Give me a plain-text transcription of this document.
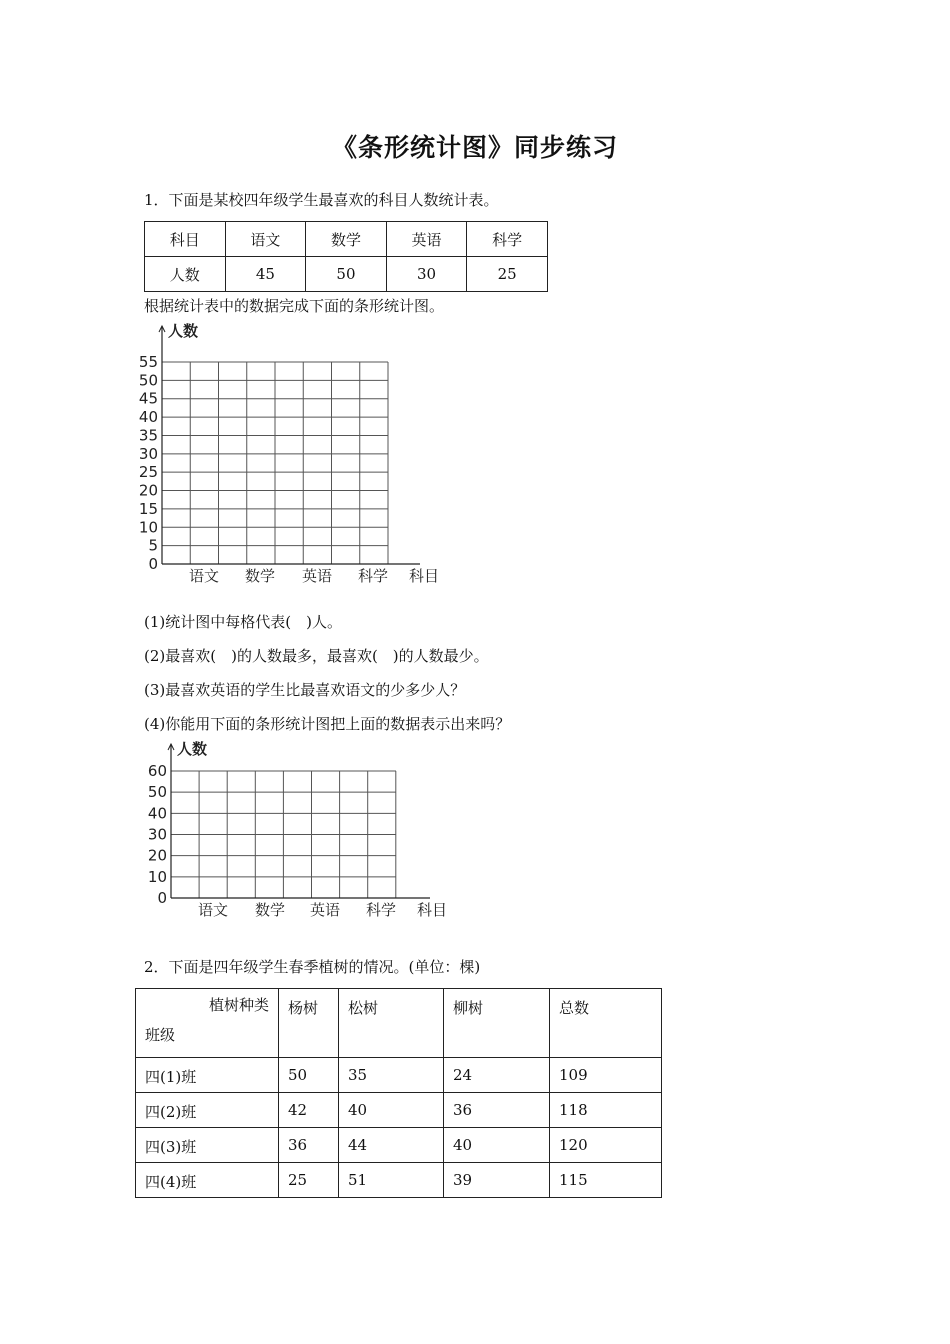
《条形统计图》同步练习
1．下面是某校四年级学生最喜欢的科目人数统计表。
科目	语文	数学	英语	科学
人数	45	50	30	25
根据统计表中的数据完成下面的条形统计图。
0
5
10
15
20
25
30
35
40
45
50
55
人数
语文 数学 英语 科学 科目
(1)统计图中每格代表(　)人。
(2)最喜欢(　)的人数最多，最喜欢(　)的人数最少。
(3)最喜欢英语的学生比最喜欢语文的少多少人？
(4)你能用下面的条形统计图把上面的数据表示出来吗？
0
10
20
30
40
50
60
人数
语文 数学 英语 科学 科目
2．下面是四年级学生春季植树的情况。(单位：棵)
植树种类
班级	杨树	松树	柳树	总数
四(1)班	50	35	24	109
四(2)班	42	40	36	118
四(3)班	36	44	40	120
四(4)班	25	51	39	115
